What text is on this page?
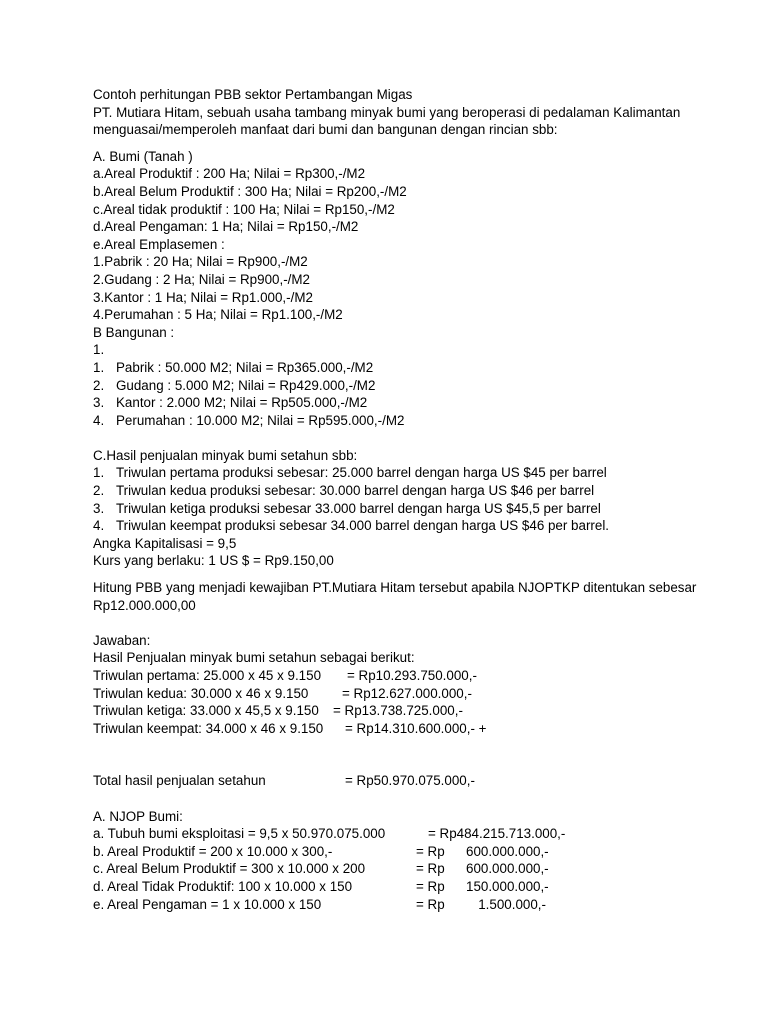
Contoh perhitungan PBB sektor Pertambangan Migas
PT. Mutiara Hitam, sebuah usaha tambang minyak bumi yang beroperasi di pedalaman Kalimantan
menguasai/memperoleh manfaat dari bumi dan bangunan dengan rincian sbb:
A. Bumi (Tanah )
a.Areal Produktif : 200 Ha; Nilai = Rp300,-/M2
b.Areal Belum Produktif : 300 Ha; Nilai = Rp200,-/M2
c.Areal tidak produktif : 100 Ha; Nilai = Rp150,-/M2
d.Areal Pengaman: 1 Ha; Nilai = Rp150,-/M2
e.Areal Emplasemen :
1.Pabrik : 20 Ha; Nilai = Rp900,-/M2
2.Gudang : 2 Ha; Nilai = Rp900,-/M2
3.Kantor : 1 Ha; Nilai = Rp1.000,-/M2
4.Perumahan : 5 Ha; Nilai = Rp1.100,-/M2
B Bangunan :
1.
1. Pabrik : 50.000 M2; Nilai = Rp365.000,-/M2
2. Gudang : 5.000 M2; Nilai = Rp429.000,-/M2
3. Kantor : 2.000 M2; Nilai = Rp505.000,-/M2
4. Perumahan : 10.000 M2; Nilai = Rp595.000,-/M2
C.Hasil penjualan minyak bumi setahun sbb:
1. Triwulan pertama produksi sebesar: 25.000 barrel dengan harga US $45 per barrel
2. Triwulan kedua produksi sebesar: 30.000 barrel dengan harga US $46 per barrel
3. Triwulan ketiga produksi sebesar 33.000 barrel dengan harga US $45,5 per barrel
4. Triwulan keempat produksi sebesar 34.000 barrel dengan harga US $46 per barrel.
Angka Kapitalisasi = 9,5
Kurs yang berlaku: 1 US $ = Rp9.150,00
Hitung PBB yang menjadi kewajiban PT.Mutiara Hitam tersebut apabila NJOPTKP ditentukan sebesar
Rp12.000.000,00
Jawaban:
Hasil Penjualan minyak bumi setahun sebagai berikut:
Triwulan pertama: 25.000 x 45 x 9.150 = Rp10.293.750.000,-
Triwulan kedua: 30.000 x 46 x 9.150	= Rp12.627.000.000,-
Triwulan ketiga: 33.000 x 45,5 x 9.150 = Rp13.738.725.000,-
Triwulan keempat: 34.000 x 46 x 9.150 = Rp14.310.600.000,- +
Total hasil penjualan setahun	= Rp50.970.075.000,-
A. NJOP Bumi:
a. Tubuh bumi eksploitasi = 9,5 x 50.970.075.000	= Rp484.215.713.000,-
b. Areal Produktif = 200 x 10.000 x 300,-	= Rp 600.000.000,-
c. Areal Belum Produktif = 300 x 10.000 x 200	= Rp 600.000.000,-
d. Areal Tidak Produktif: 100 x 10.000 x 150	= Rp 150.000.000,-
e. Areal Pengaman = 1 x 10.000 x 150	= Rp	1.500.000,-
